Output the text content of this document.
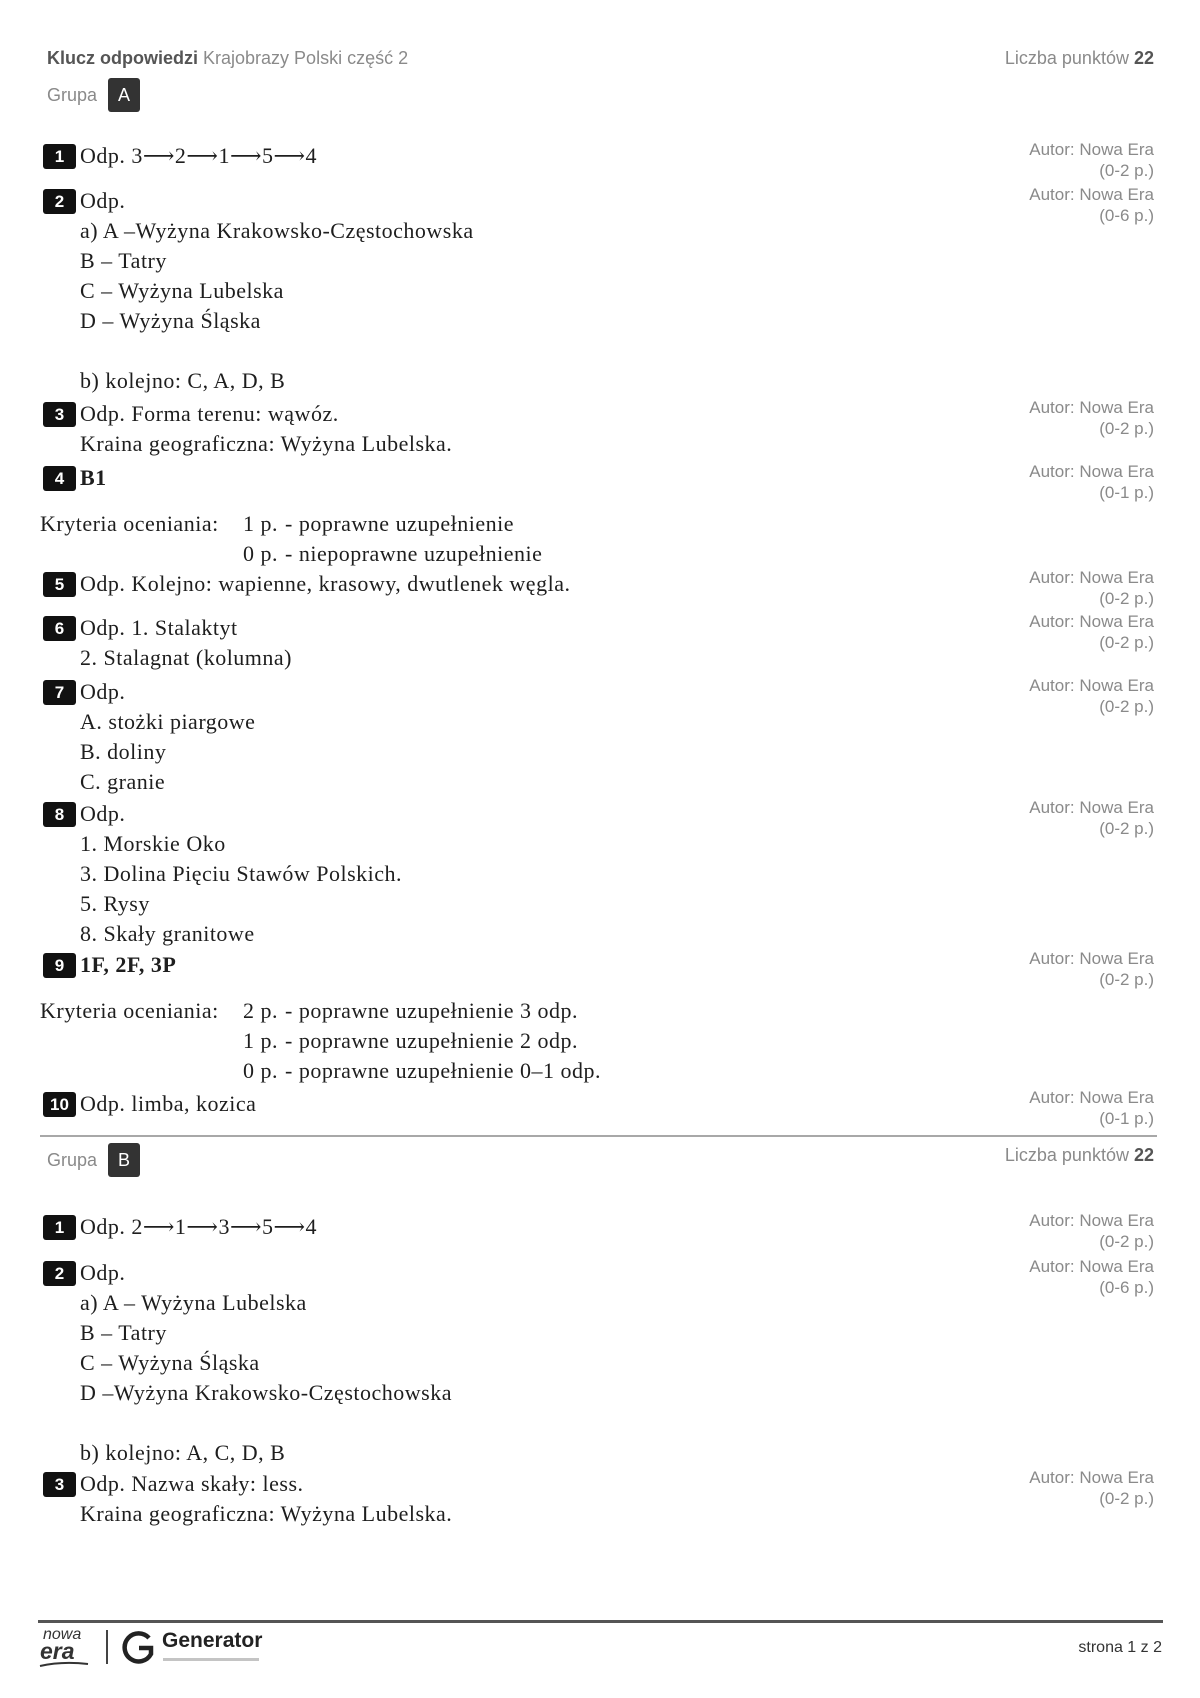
Klucz odpowiedzi Krajobrazy Polski część 2	Liczba punktów 22
Grupa	A
Grupa	B	Liczba punktów 22
1 Odp. 3⟶2⟶1⟶5⟶4	Autor: Nowa Era
(0-2 p.)
2 Odp.
a) A –Wyżyna Krakowsko-Częstochowska
B – Tatry
C – Wyżyna Lubelska
D – Wyżyna Śląska
b) kolejno: C, A, D, B
Autor: Nowa Era
(0-6 p.)
3 Odp. Forma terenu: wąwóz.
Kraina geograficzna: Wyżyna Lubelska.
Autor: Nowa Era
(0-2 p.)
4 B1
Kryteria oceniania:	1 p. - poprawne uzupełnienie
0 p. - niepoprawne uzupełnienie
Autor: Nowa Era
(0-1 p.)
5 Odp. Kolejno: wapienne, krasowy, dwutlenek węgla.	Autor: Nowa Era
(0-2 p.)
6 Odp. 1. Stalaktyt
2. Stalagnat (kolumna)
Autor: Nowa Era
(0-2 p.)
7 Odp.
A. stożki piargowe
B. doliny
C. granie
Autor: Nowa Era
(0-2 p.)
8 Odp.
1. Morskie Oko
3. Dolina Pięciu Stawów Polskich.
5. Rysy
8. Skały granitowe
Autor: Nowa Era
(0-2 p.)
9 1F, 2F, 3P
Kryteria oceniania:	2 p. - poprawne uzupełnienie 3 odp.
1 p. - poprawne uzupełnienie 2 odp.
0 p. - poprawne uzupełnienie 0–1 odp.
Autor: Nowa Era
(0-2 p.)
10 Odp. limba, kozica	Autor: Nowa Era
(0-1 p.)
1 Odp. 2⟶1⟶3⟶5⟶4	Autor: Nowa Era
(0-2 p.)
2 Odp.
a) A – Wyżyna Lubelska
B – Tatry
C – Wyżyna Śląska
D –Wyżyna Krakowsko-Częstochowska
b) kolejno: A, C, D, B
Autor: Nowa Era
(0-6 p.)
3 Odp. Nazwa skały: less.
Kraina geograficzna: Wyżyna Lubelska.
Autor: Nowa Era
(0-2 p.)
nowa
era	Generator	strona 1 z 2
